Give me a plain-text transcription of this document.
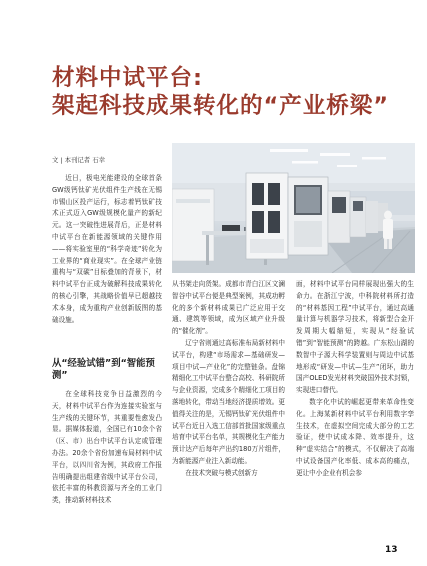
材料中试平台:
架起科技成果转化的“产业桥梁”
文 | 本刊记者 石幸

近日，极电光能建设的全球首条GW级钙钛矿光伏组件生产线在无锡市锡山区投产运行，标志着钙钛矿技术正式迈入GW级规模化量产的新纪元。这一突破性进展背后，正是材料中试平台在新能源领域的关键作用——将实验室里的“科学奇迹”转化为工业界的“商业现实”。在全球产业链重构与“双碳”目标叠加的背景下，材料中试平台正成为破解科技成果转化的核心引擎，其战略价值早已超越技术本身，成为重构产业创新版图的基础设施。

从“经验试错”到“智能预测”

在全球科技竞争日益激烈的今天，材料中试平台作为连接实验室与生产线的关键环节，其重要性愈发凸显。据媒体报道，全国已有10余个省（区、市）出台中试平台认定或管理办法。20余个省份加速布局材料中试平台，以四川省为例，其政府工作报告明确提出组建省级中试平台公司，依托丰富的科教资源与齐全的工业门类，推动新材料技术

从书架走向货架。成都市青白江区文澜智谷中试平台便是典型案例，其成功孵化的多个新材料成果已广泛应用于交通、建筑等领域，成为区域产业升级的“催化剂”。

辽宁省则通过高标准布局新材料中试平台，构建“市场需求—基础研发—项目中试—产业化”的完整链条。盘锦精细化工中试平台整合高校、科研院所与企业资源，完成多个精细化工项目的落地转化，带动当地经济提质增效。更值得关注的是，无锡钙钛矿光伏组件中试平台近日入选工信部首批国家级重点培育中试平台名单，其规模化生产能力预计达产后每年产出约180万片组件，为新能源产业注入新动能。

在技术突破与模式创新方

面，材料中试平台同样展现出强大的生命力。在浙江宁波，中科院材料所打造的“材料基因工程”中试平台，通过高通量计算与机器学习技术，将新型合金开发周期大幅缩短，实现从“经验试错”到“智能预测”的跨越。广东松山湖的数智中子源大科学装置则与周边中试基地形成“研发—中试—生产”闭环，助力国产OLED发光材料突破国外技术封锁，实现进口替代。

数字化中试的崛起更带来革命性变化。上海某新材料中试平台利用数字孪生技术，在虚拟空间完成大部分的工艺验证，使中试成本降、效率提升，这种“虚实结合”的模式，不仅解决了高端中试设备国产化率低、成本高的痛点，更让中小企业有机会参

13
